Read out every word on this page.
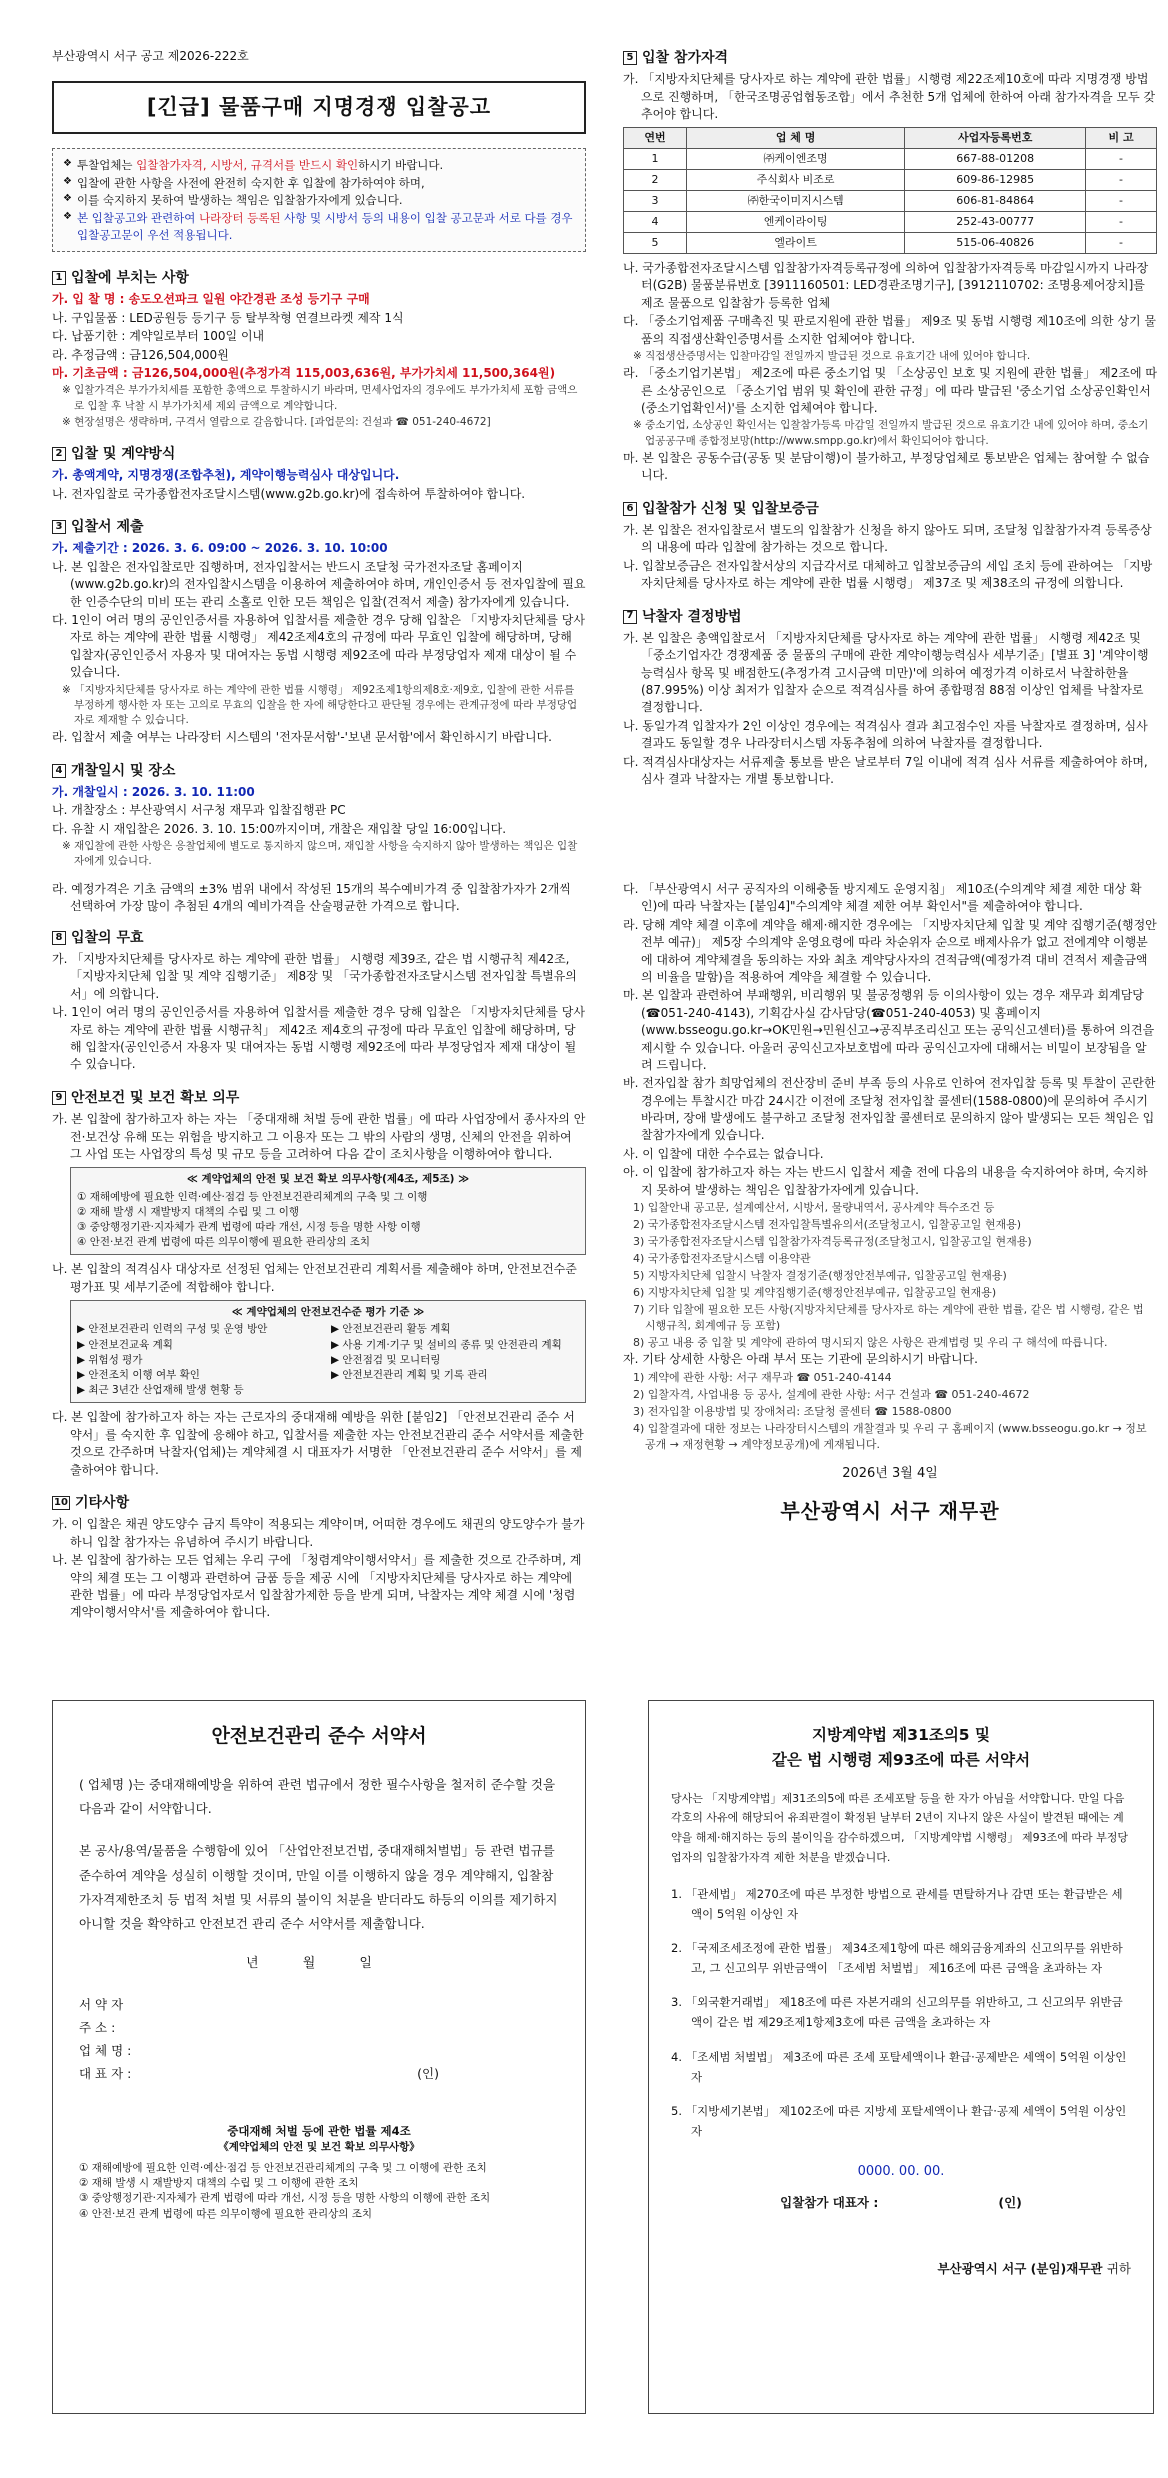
부산광역시 서구 공고 제2026-222호
[긴급] 물품구매 지명경쟁 입찰공고
❖ 투찰업체는 입찰참가자격, 시방서, 규격서를 반드시 확인하시기 바랍니다.
❖ 입찰에 관한 사항을 사전에 완전히 숙지한 후 입찰에 참가하여야 하며,
❖ 이를 숙지하지 못하여 발생하는 책임은 입찰참가자에게 있습니다.
❖ 본 입찰공고와 관련하여 나라장터 등록된 사항 및 시방서 등의 내용이 입찰 공고문과 서로 다를 경우 입찰공고문이 우선 적용됩니다.
1 입찰에 부치는 사항
가. 입 찰 명 : 송도오션파크 일원 야간경관 조성 등기구 구매
나. 구입물품 : LED공원등 등기구 등 탈부착형 연결브라켓 제작 1식
다. 납품기한 : 계약일로부터 100일 이내
라. 추정금액 : 금126,504,000원
마. 기초금액 : 금126,504,000원(추정가격 115,003,636원, 부가가치세 11,500,364원)
※ 입찰가격은 부가가치세를 포함한 총액으로 투찰하시기 바라며, 면세사업자의 경우에도 부가가치세 포함 금액으로 입찰 후 낙찰 시 부가가치세 제외 금액으로 계약합니다.
※ 현장설명은 생략하며, 구격서 열람으로 갈음합니다. [과업문의: 건설과 ☎ 051-240-4672]
2 입찰 및 계약방식
가. 총액계약, 지명경쟁(조합추천), 계약이행능력심사 대상입니다.
나. 전자입찰로 국가종합전자조달시스템(www.g2b.go.kr)에 접속하여 투찰하여야 합니다.
3 입찰서 제출
가. 제출기간 : 2026. 3. 6. 09:00 ~ 2026. 3. 10. 10:00
나. 본 입찰은 전자입찰로만 집행하며, 전자입찰서는 반드시 조달청 국가전자조달 홈페이지(www.g2b.go.kr)의 전자입찰시스템을 이용하여 제출하여야 하며, 개인인증서 등 전자입찰에 필요한 인증수단의 미비 또는 관리 소홀로 인한 모든 책임은 입찰(견적서 제출) 참가자에게 있습니다.
다. 1인이 여러 명의 공인인증서를 자용하여 입찰서를 제출한 경우 당해 입찰은 「지방자치단체를 당사자로 하는 계약에 관한 법률 시행령」 제42조제4호의 규정에 따라 무효인 입찰에 해당하며, 당해 입찰자(공인인증서 자용자 및 대여자는 동법 시행령 제92조에 따라 부정당업자 제재 대상이 될 수 있습니다.
※ 「지방자치단체를 당사자로 하는 계약에 관한 법률 시행령」 제92조제1항의제8호·제9호, 입찰에 관한 서류를 부정하게 행사한 자 또는 고의로 무효의 입찰을 한 자에 해당한다고 판단될 경우에는 관계규정에 따라 부정당업자로 제재할 수 있습니다.
라. 입찰서 제출 여부는 나라장터 시스템의 '전자문서함'-'보낸 문서함'에서 확인하시기 바랍니다.
4 개찰일시 및 장소
가. 개찰일시 : 2026. 3. 10. 11:00
나. 개찰장소 : 부산광역시 서구청 재무과 입찰집행관 PC
다. 유찰 시 재입찰은 2026. 3. 10. 15:00까지이며, 개찰은 재입찰 당일 16:00입니다.
※ 재입찰에 관한 사항은 응찰업체에 별도로 통지하지 않으며, 재입찰 사항을 숙지하지 않아 발생하는 책임은 입찰자에게 있습니다.
5 입찰 참가자격
가. 「지방자치단체를 당사자로 하는 계약에 관한 법률」시행령 제22조제10호에 따라 지명경쟁 방법으로 진행하며, 「한국조명공업협동조합」에서 추천한 5개 업체에 한하여 아래 참가자격을 모두 갖추어야 합니다.
연번	업 체 명	사업자등록번호	비 고
1	㈜케이엔조명	667-88-01208	-
2	주식회사 비조로	609-86-12985	-
3	㈜한국이미지시스템	606-81-84864	-
4	엔케이라이팅	252-43-00777	-
5	엘라이트	515-06-40826	-
나. 국가종합전자조달시스템 입찰참가자격등록규정에 의하여 입찰참가자격등록 마감일시까지 나라장터(G2B) 물품분류번호 [3911160501: LED경관조명기구], [3912110702: 조명용제어장치]를 제조 물품으로 입찰참가 등록한 업체
다. 「중소기업제품 구매촉진 및 판로지원에 관한 법률」 제9조 및 동법 시행령 제10조에 의한 상기 물품의 직접생산확인증명서를 소지한 업체여야 합니다.
※ 직접생산증명서는 입찰마감일 전일까지 발급된 것으로 유효기간 내에 있어야 합니다.
라. 「중소기업기본법」 제2조에 따른 중소기업 및 「소상공인 보호 및 지원에 관한 법률」 제2조에 따른 소상공인으로 「중소기업 범위 및 확인에 관한 규정」에 따라 발급된 '중소기업 소상공인확인서(중소기업확인서)'를 소지한 업체여야 합니다.
※ 중소기업, 소상공인 확인서는 입찰참가등록 마감일 전일까지 발급된 것으로 유효기간 내에 있어야 하며, 중소기업공공구매 종합정보망(http://www.smpp.go.kr)에서 확인되어야 합니다.
마. 본 입찰은 공동수급(공동 및 분담이행)이 불가하고, 부정당업체로 통보받은 업체는 참여할 수 없습니다.
6 입찰참가 신청 및 입찰보증금
가. 본 입찰은 전자입찰로서 별도의 입찰참가 신청을 하지 않아도 되며, 조달청 입찰참가자격 등록증상의 내용에 따라 입찰에 참가하는 것으로 합니다.
나. 입찰보증금은 전자입찰서상의 지급각서로 대체하고 입찰보증금의 세입 조치 등에 관하여는 「지방자치단체를 당사자로 하는 계약에 관한 법률 시행령」 제37조 및 제38조의 규정에 의합니다.
7 낙찰자 결정방법
가. 본 입찰은 총액입찰로서 「지방자치단체를 당사자로 하는 계약에 관한 법률」 시행령 제42조 및 「중소기업자간 경쟁제품 중 물품의 구매에 관한 계약이행능력심사 세부기준」[별표 3] '계약이행능력심사 항목 및 배점한도(추정가격 고시금액 미만)'에 의하여 예정가격 이하로서 낙찰하한율 (87.995%) 이상 최저가 입찰자 순으로 적격심사를 하여 종합평점 88점 이상인 업체를 낙찰자로 결정합니다.
나. 동일가격 입찰자가 2인 이상인 경우에는 적격심사 결과 최고점수인 자를 낙찰자로 결정하며, 심사결과도 동일할 경우 나라장터시스템 자동추첨에 의하여 낙찰자를 결정합니다.
다. 적격심사대상자는 서류제출 통보를 받은 날로부터 7일 이내에 적격 심사 서류를 제출하여야 하며, 심사 결과 낙찰자는 개별 통보합니다.
라. 예정가격은 기초 금액의 ±3% 범위 내에서 작성된 15개의 복수예비가격 중 입찰참가자가 2개씩 선택하여 가장 많이 추첨된 4개의 예비가격을 산술평균한 가격으로 합니다.
8 입찰의 무효
가. 「지방자치단체를 당사자로 하는 계약에 관한 법률」 시행령 제39조, 같은 법 시행규칙 제42조, 「지방자치단체 입찰 및 계약 집행기준」 제8장 및 「국가종합전자조달시스템 전자입찰 특별유의서」에 의합니다.
나. 1인이 여러 명의 공인인증서를 자용하여 입찰서를 제출한 경우 당해 입찰은 「지방자치단체를 당사자로 하는 계약에 관한 법률 시행규칙」 제42조 제4호의 규정에 따라 무효인 입찰에 해당하며, 당해 입찰자(공인인증서 자용자 및 대여자는 동법 시행령 제92조에 따라 부정당업자 제재 대상이 될 수 있습니다.
9 안전보건 및 보건 확보 의무
가. 본 입찰에 참가하고자 하는 자는 「중대재해 처벌 등에 관한 법률」에 따라 사업장에서 종사자의 안전·보건상 유해 또는 위험을 방지하고 그 이용자 또는 그 밖의 사람의 생명, 신체의 안전을 위하여 그 사업 또는 사업장의 특성 및 규모 등을 고려하여 다음 같이 조치사항을 이행하여야 합니다.
≪ 계약업체의 안전 및 보건 확보 의무사항(제4조, 제5조) ≫
① 재해예방에 필요한 인력·예산·점검 등 안전보건관리체계의 구축 및 그 이행
② 재해 발생 시 재발방지 대책의 수립 및 그 이행
③ 중앙행정기관·지자체가 관계 법령에 따라 개선, 시정 등을 명한 사항 이행
④ 안전·보건 관계 법령에 따른 의무이행에 필요한 관리상의 조치
나. 본 입찰의 적격심사 대상자로 선정된 업체는 안전보건관리 계획서를 제출해야 하며, 안전보건수준 평가표 및 세부기준에 적합해야 합니다.
≪ 계약업체의 안전보건수준 평가 기준 ≫
▶ 안전보건관리 인력의 구성 및 운영 방안	▶ 안전보건관리 활동 계획
▶ 안전보건교육 계획	▶ 사용 기계·기구 및 설비의 종류 및 안전관리 계획
▶ 위험성 평가	▶ 안전점검 및 모니터링
▶ 안전조치 이행 여부 확인	▶ 안전보건관리 계획 및 기록 관리
▶ 최근 3년간 산업재해 발생 현황 등
다. 본 입찰에 참가하고자 하는 자는 근로자의 중대재해 예방을 위한 [붙임2] 「안전보건관리 준수 서약서」를 숙지한 후 입찰에 응해야 하고, 입찰서를 제출한 자는 안전보건관리 준수 서약서를 제출한 것으로 간주하며 낙찰자(업체)는 계약체결 시 대표자가 서명한 「안전보건관리 준수 서약서」를 제출하여야 합니다.
10 기타사항
가. 이 입찰은 채권 양도양수 금지 특약이 적용되는 계약이며, 어떠한 경우에도 채권의 양도양수가 불가하니 입찰 참가자는 유념하여 주시기 바랍니다.
나. 본 입찰에 참가하는 모든 업체는 우리 구에 「청렴계약이행서약서」를 제출한 것으로 간주하며, 계약의 체결 또는 그 이행과 관련하여 금품 등을 제공 시에 「지방자치단체를 당사자로 하는 계약에 관한 법률」에 따라 부정당업자로서 입찰참가제한 등을 받게 되며, 낙찰자는 계약 체결 시에 '청렴계약이행서약서'를 제출하여야 합니다.
다. 「부산광역시 서구 공직자의 이해충돌 방지제도 운영지침」 제10조(수의계약 체결 제한 대상 확인)에 따라 낙찰자는 [붙임4]"수의계약 체결 제한 여부 확인서"를 제출하여야 합니다.
라. 당해 계약 체결 이후에 계약을 해제·해지한 경우에는 「지방자치단체 입찰 및 계약 집행기준(행정안전부 예규)」 제5장 수의계약 운영요령에 따라 차순위자 순으로 배제사유가 없고 전에계약 이행분에 대하여 계약체결을 동의하는 자와 최초 계약당사자의 견적금액(예정가격 대비 견적서 제출금액의 비율을 말함)을 적용하여 계약을 체결할 수 있습니다.
마. 본 입찰과 관련하여 부패행위, 비리행위 및 불공정행위 등 이의사항이 있는 경우 재무과 회계담당(☎051-240-4143), 기획감사실 감사담당(☎051-240-4053) 및 홈페이지(www.bsseogu.go.kr→OK민원→민원신고→공직부조리신고 또는 공익신고센터)를 통하여 의견을 제시할 수 있습니다. 아울러 공익신고자보호법에 따라 공익신고자에 대해서는 비밀이 보장됨을 알려 드립니다.
바. 전자입찰 참가 희망업체의 전산장비 준비 부족 등의 사유로 인하여 전자입찰 등록 및 투찰이 곤란한 경우에는 투찰시간 마감 24시간 이전에 조달청 전자입찰 콜센터(1588-0800)에 문의하여 주시기 바라며, 장애 발생에도 불구하고 조달청 전자입찰 콜센터로 문의하지 않아 발생되는 모든 책임은 입찰참가자에게 있습니다.
사. 이 입찰에 대한 수수료는 없습니다.
아. 이 입찰에 참가하고자 하는 자는 반드시 입찰서 제출 전에 다음의 내용을 숙지하여야 하며, 숙지하지 못하여 발생하는 책임은 입찰참가자에게 있습니다.
1) 입찰안내 공고문, 설계예산서, 시방서, 물량내역서, 공사계약 특수조건 등
2) 국가종합전자조달시스템 전자입찰특별유의서(조달청고시, 입찰공고일 현재용)
3) 국가종합전자조달시스템 입찰참가자격등록규정(조달청고시, 입찰공고일 현재용)
4) 국가종합전자조달시스템 이용약관
5) 지방자치단체 입찰시 낙찰자 결정기준(행정안전부예규, 입찰공고일 현재용)
6) 지방자치단체 입찰 및 계약집행기준(행정안전부예규, 입찰공고일 현재용)
7) 기타 입찰에 필요한 모든 사항(지방자치단체를 당사자로 하는 계약에 관한 법률, 같은 법 시행령, 같은 법 시행규칙, 회계예규 등 포함)
8) 공고 내용 중 입찰 및 계약에 관하여 명시되지 않은 사항은 관계법령 및 우리 구 해석에 따릅니다.
자. 기타 상세한 사항은 아래 부서 또는 기관에 문의하시기 바랍니다.
1) 계약에 관한 사항: 서구 재무과 ☎ 051-240-4144
2) 입찰자격, 사업내용 등 공사, 설계에 관한 사항: 서구 건설과 ☎ 051-240-4672
3) 전자입찰 이용방법 및 장애처리: 조달청 콜센터 ☎ 1588-0800
4) 입찰결과에 대한 정보는 나라장터시스템의 개찰결과 및 우리 구 홈페이지 (www.bsseogu.go.kr → 정보공개 → 재정현황 → 계약정보공개)에 게재됩니다.
2026년 3월 4일
부산광역시 서구 재무관
안전보건관리 준수 서약서
( 업체명 )는 중대재해예방을 위하여 관련 법규에서 정한 필수사항을 철저히 준수할 것을 다음과 같이 서약합니다.
본 공사/용역/물품을 수행함에 있어 「산업안전보건법, 중대재해처벌법」등 관련 법규를 준수하여 계약을 성실히 이행할 것이며, 만일 이를 이행하지 않을 경우 계약해지, 입찰참가자격제한조치 등 법적 처벌 및 서류의 불이익 처분을 받더라도 하등의 이의를 제기하지 아니할 것을 확약하고 안전보건 관리 준수 서약서를 제출합니다.
년 월 일
서 약 자
주 소 :
업 체 명 :
대 표 자 :	(인)
중대재해 처벌 등에 관한 법률 제4조
《계약업체의 안전 및 보건 확보 의무사항》
① 재해예방에 필요한 인력·예산·점검 등 안전보건관리체계의 구축 및 그 이행에 관한 조치
② 재해 발생 시 재발방지 대책의 수립 및 그 이행에 관한 조치
③ 중앙행정기관·지자체가 관계 법령에 따라 개선, 시정 등을 명한 사항의 이행에 관한 조치
④ 안전·보건 관계 법령에 따른 의무이행에 필요한 관리상의 조치
지방계약법 제31조의5 및
같은 법 시행령 제93조에 따른 서약서
당사는 「지방계약법」제31조의5에 따른 조세포탈 등을 한 자가 아님을 서약합니다. 만일 다음 각호의 사유에 해당되어 유죄판결이 확정된 날부터 2년이 지나지 않은 사실이 발견된 때에는 계약을 해제·해지하는 등의 불이익을 감수하겠으며, 「지방계약법 시행령」 제93조에 따라 부정당업자의 입찰참가자격 제한 처분을 받겠습니다.
1. 「관세법」 제270조에 따른 부정한 방법으로 관세를 면탈하거나 감면 또는 환급받은 세액이 5억원 이상인 자
2. 「국제조세조정에 관한 법률」 제34조제1항에 따른 해외금융계좌의 신고의무를 위반하고, 그 신고의무 위반금액이 「조세범 처벌법」 제16조에 따른 금액을 초과하는 자
3. 「외국환거래법」 제18조에 따른 자본거래의 신고의무를 위반하고, 그 신고의무 위반금액이 같은 법 제29조제1항제3호에 따른 금액을 초과하는 자
4. 「조세범 처벌법」 제3조에 따른 조세 포탈세액이나 환급·공제받은 세액이 5억원 이상인 자
5. 「지방세기본법」 제102조에 따른 지방세 포탈세액이나 환급·공제 세액이 5억원 이상인 자
0000. 00. 00.
입찰참가 대표자 :	(인)
부산광역시 서구 (분임)재무관 귀하
